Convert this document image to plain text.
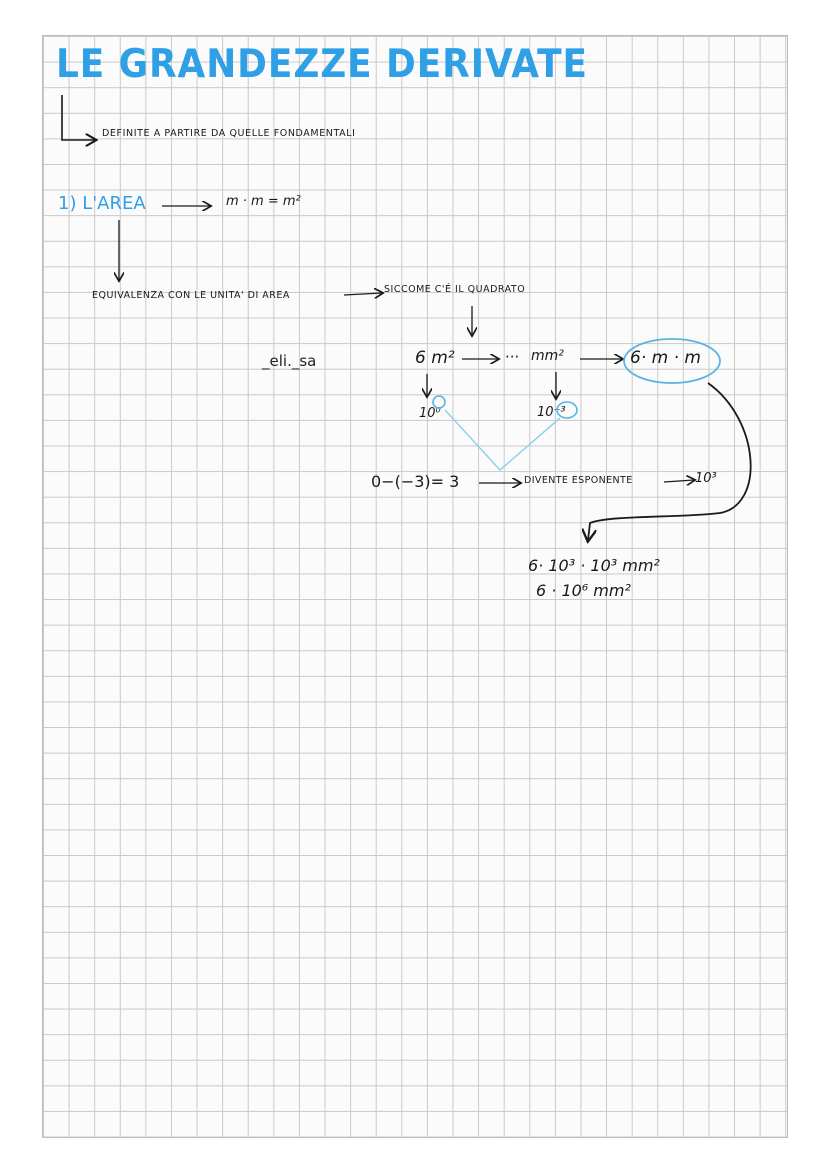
LE GRANDEZZE DERIVATE
DEFINITE A PARTIRE DA QUELLE FONDAMENTALI
1) L'AREA	m · m = m²
EQUIVALENZA CON LE UNITA' DI AREA
SICCOME C'É IL QUADRATO
_eli._sa	6 m²	··· mm²	6· m · m
10⁰	10⁻³
0−(−3)= 3	DIVENTE ESPONENTE	10³
6· 10³ · 10³ mm²
6 · 10⁶ mm²
